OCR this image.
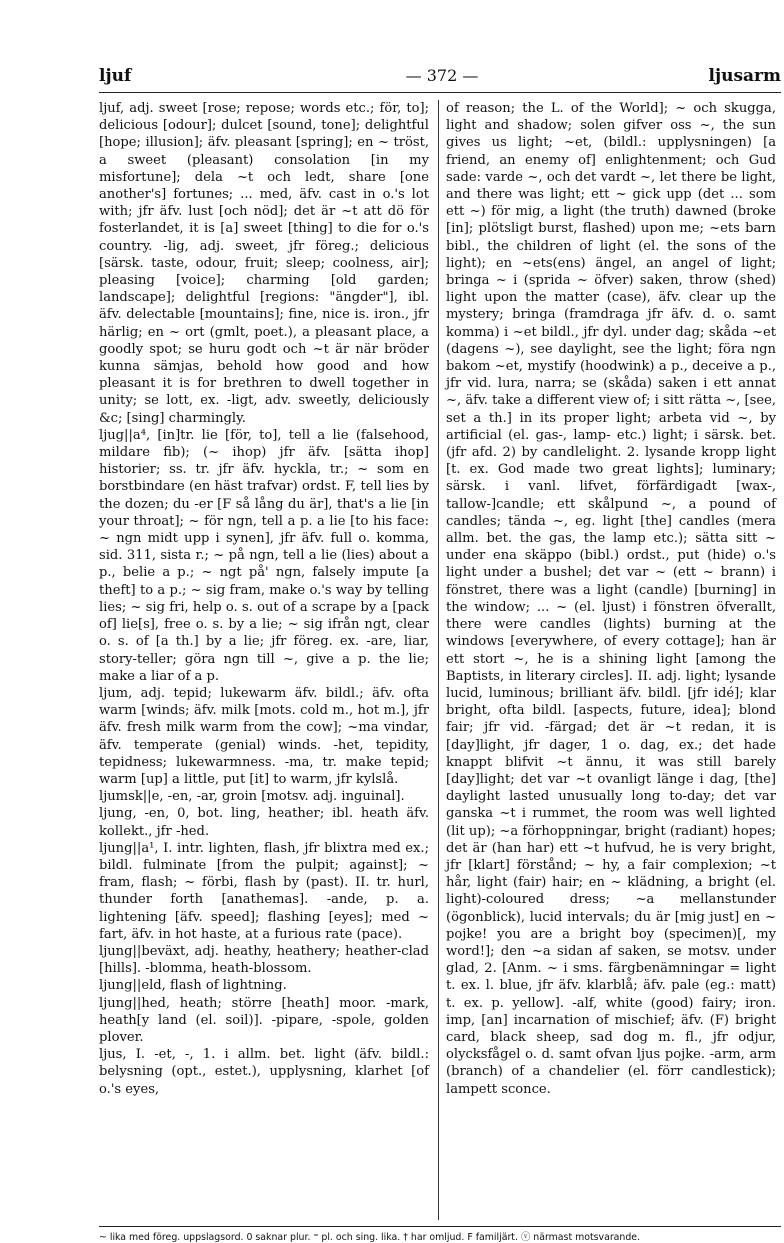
ljuf	— 372 —	ljusarm

ljuf, adj. sweet [rose; repose; words etc.; för, to]; delicious [odour]; dulcet [sound, tone]; delightful [hope; illusion]; äfv. pleasant [spring]; en ~ tröst, a sweet (pleasant) consolation [in my misfortune]; dela ~t och ledt, share [one another's] fortunes; ... med, äfv. cast in o.'s lot with; jfr äfv. lust [och nöd]; det är ~t att dö för fosterlandet, it is [a] sweet [thing] to die for o.'s country. -lig, adj. sweet, jfr föreg.; delicious [särsk. taste, odour, fruit; sleep; coolness, air]; pleasing [voice]; charming [old garden; landscape]; delightful [regions: "ängder"], ibl. äfv. delectable [mountains]; fine, nice is. iron., jfr härlig; en ~ ort (gmlt, poet.), a pleasant place, a goodly spot; se huru godt och ~t är när bröder kunna sämjas, behold how good and how pleasant it is for brethren to dwell together in unity; se lott, ex. -ligt, adv. sweetly, deliciously &c; [sing] charmingly.

ljug||a⁴, [in]tr. lie [för, to], tell a lie (falsehood, mildare fib); (~ ihop) jfr äfv. [sätta ihop] historier; ss. tr. jfr äfv. hyckla, tr.; ~ som en borstbindare (en häst trafvar) ordst. F, tell lies by the dozen; du -er [F så lång du är], that's a lie [in your throat]; ~ för ngn, tell a p. a lie [to his face: ~ ngn midt upp i synen], jfr äfv. full o. komma, sid. 311, sista r.; ~ på ngn, tell a lie (lies) about a p., belie a p.; ~ ngt på' ngn, falsely impute [a theft] to a p.; ~ sig fram, make o.'s way by telling lies; ~ sig fri, help o. s. out of a scrape by a [pack of] lie[s], free o. s. by a lie; ~ sig ifrån ngt, clear o. s. of [a th.] by a lie; jfr föreg. ex. -are, liar, story-teller; göra ngn till ~, give a p. the lie; make a liar of a p.

ljum, adj. tepid; lukewarm äfv. bildl.; äfv. ofta warm [winds; äfv. milk [mots. cold m., hot m.], jfr äfv. fresh milk warm from the cow]; ~ma vindar, äfv. temperate (genial) winds. -het, tepidity, tepidness; lukewarmness. -ma, tr. make tepid; warm [up] a little, put [it] to warm, jfr kylslå.

ljumsk||e, -en, -ar, groin [motsv. adj. inguinal].

ljung, -en, 0, bot. ling, heather; ibl. heath äfv. kollekt., jfr -hed.

ljung||a¹, I. intr. lighten, flash, jfr blixtra med ex.; bildl. fulminate [from the pulpit; against]; ~ fram, flash; ~ förbi, flash by (past). II. tr. hurl, thunder forth [anathemas]. -ande, p. a. lightening [äfv. speed]; flashing [eyes]; med ~ fart, äfv. in hot haste, at a furious rate (pace).

ljung||beväxt, adj. heathy, heathery; heather-clad [hills]. -blomma, heath-blossom.

ljung||eld, flash of lightning.

ljung||hed, heath; större [heath] moor. -mark, heath[y land (el. soil)]. -pipare, -spole, golden plover.

ljus, I. -et, -, 1. i allm. bet. light (äfv. bildl.: belysning (opt., estet.), upplysning, klarhet [of o.'s eyes,

of reason; the L. of the World]; ~ och skugga, light and shadow; solen gifver oss ~, the sun gives us light; ~et, (bildl.: upplysningen) [a friend, an enemy of] enlightenment; och Gud sade: varde ~, och det vardt ~, let there be light, and there was light; ett ~ gick upp (det ... som ett ~) för mig, a light (the truth) dawned (broke [in]; plötsligt burst, flashed) upon me; ~ets barn bibl., the children of light (el. the sons of the light); en ~ets(ens) ängel, an angel of light; bringa ~ i (sprida ~ öfver) saken, throw (shed) light upon the matter (case), äfv. clear up the mystery; bringa (framdraga jfr äfv. d. o. samt komma) i ~et bildl., jfr dyl. under dag; skåda ~et (dagens ~), see daylight, see the light; föra ngn bakom ~et, mystify (hoodwink) a p., deceive a p., jfr vid. lura, narra; se (skåda) saken i ett annat ~, äfv. take a different view of; i sitt rätta ~, [see, set a th.] in its proper light; arbeta vid ~, by artificial (el. gas-, lamp- etc.) light; i särsk. bet. (jfr afd. 2) by candlelight. 2. lysande kropp light [t. ex. God made two great lights]; luminary; särsk. i vanl. lifvet, förfärdigadt [wax-, tallow-]candle; ett skålpund ~, a pound of candles; tända ~, eg. light [the] candles (mera allm. bet. the gas, the lamp etc.); sätta sitt ~ under ena skäppo (bibl.) ordst., put (hide) o.'s light under a bushel; det var ~ (ett ~ brann) i fönstret, there was a light (candle) [burning] in the window; ... ~ (el. ljust) i fönstren öfverallt, there were candles (lights) burning at the windows [everywhere, of every cottage]; han är ett stort ~, he is a shining light [among the Baptists, in literary circles]. II. adj. light; lysande lucid, luminous; brilliant äfv. bildl. [jfr idé]; klar bright, ofta bildl. [aspects, future, idea]; blond fair; jfr vid. -färgad; det är ~t redan, it is [day]light, jfr dager, 1 o. dag, ex.; det hade knappt blifvit ~t ännu, it was still barely [day]light; det var ~t ovanligt länge i dag, [the] daylight lasted unusually long to-day; det var ganska ~t i rummet, the room was well lighted (lit up); ~a förhoppningar, bright (radiant) hopes; det är (han har) ett ~t hufvud, he is very bright, jfr [klart] förstånd; ~ hy, a fair complexion; ~t hår, light (fair) hair; en ~ klädning, a bright (el. light)-coloured dress; ~a mellanstunder (ögonblick), lucid intervals; du är [mig just] en ~ pojke! you are a bright boy (specimen)[, my word!]; den ~a sidan af saken, se motsv. under glad, 2. [Anm. ~ i sms. färgbenämningar = light t. ex. l. blue, jfr äfv. klarblå; äfv. pale (eg.: matt) t. ex. p. yellow]. -alf, white (good) fairy; iron. imp, [an] incarnation of mischief; äfv. (F) bright card, black sheep, sad dog m. fl., jfr odjur, olycksfågel o. d. samt ofvan ljus pojke. -arm, arm (branch) of a chandelier (el. förr candlestick); lampett sconce.

~ lika med föreg. uppslagsord. 0 saknar plur. ⁼ pl. och sing. lika. † har omljud. F familjärt. ⓥ närmast motsvarande.
